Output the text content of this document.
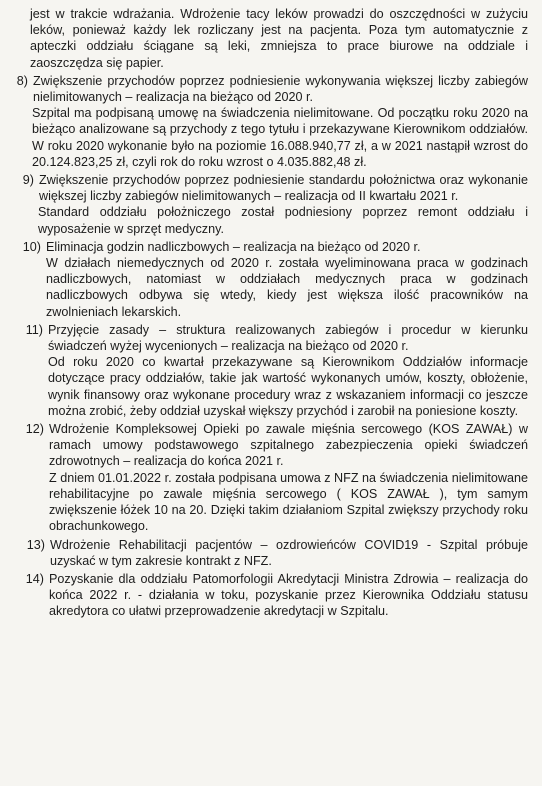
jest w trakcie wdrażania. Wdrożenie tacy leków prowadzi do oszczędności w zużyciu leków, ponieważ każdy lek rozliczany jest na pacjenta. Poza tym automatycznie z apteczki oddziału ściągane są leki, zmniejsza to prace biurowe na oddziale i zaoszczędza się papier.
8) Zwiększenie przychodów poprzez podniesienie wykonywania większej liczby zabiegów nielimitowanych – realizacja na bieżąco od 2020 r.
Szpital ma podpisaną umowę na świadczenia nielimitowane. Od początku roku 2020 na bieżąco analizowane są przychody z tego tytułu i przekazywane Kierownikom oddziałów. W roku 2020 wykonanie było na poziomie 16.088.940,77 zł, a w 2021 nastąpił wzrost do 20.124.823,25 zł, czyli rok do roku wzrost o 4.035.882,48 zł.
9) Zwiększenie przychodów poprzez podniesienie standardu położnictwa oraz wykonanie większej liczby zabiegów nielimitowanych – realizacja od II kwartału 2021 r.
Standard oddziału położniczego został podniesiony poprzez remont oddziału i wyposażenie w sprzęt medyczny.
10) Eliminacja godzin nadliczbowych – realizacja na bieżąco od 2020 r.
W działach niemedycznych od 2020 r. została wyeliminowana praca w godzinach nadliczbowych, natomiast w oddziałach medycznych praca w godzinach nadliczbowych odbywa się wtedy, kiedy jest większa ilość pracowników na zwolnieniach lekarskich.
11) Przyjęcie zasady – struktura realizowanych zabiegów i procedur w kierunku świadczeń wyżej wycenionych – realizacja na bieżąco od 2020 r.
Od roku 2020 co kwartał przekazywane są Kierownikom Oddziałów informacje dotyczące pracy oddziałów, takie jak wartość wykonanych umów, koszty, obłożenie, wynik finansowy oraz wykonane procedury wraz z wskazaniem informacji co jeszcze można zrobić, żeby oddział uzyskał większy przychód i zarobił na poniesione koszty.
12) Wdrożenie Kompleksowej Opieki po zawale mięśnia sercowego (KOS ZAWAŁ) w ramach umowy podstawowego szpitalnego zabezpieczenia opieki świadczeń zdrowotnych – realizacja do końca 2021 r.
Z dniem 01.01.2022 r. została podpisana umowa z NFZ na świadczenia nielimitowane rehabilitacyjne po zawale mięśnia sercowego ( KOS ZAWAŁ ), tym samym zwiększenie łóżek 10 na 20. Dzięki takim działaniom Szpital zwiększy przychody roku obrachunkowego.
13) Wdrożenie Rehabilitacji pacjentów – ozdrowieńców COVID19 - Szpital próbuje uzyskać w tym zakresie kontrakt z NFZ.
14) Pozyskanie dla oddziału Patomorfologii Akredytacji Ministra Zdrowia – realizacja do końca 2022 r. - działania w toku, pozyskanie przez Kierownika Oddziału statusu akredytora co ułatwi przeprowadzenie akredytacji w Szpitalu.
